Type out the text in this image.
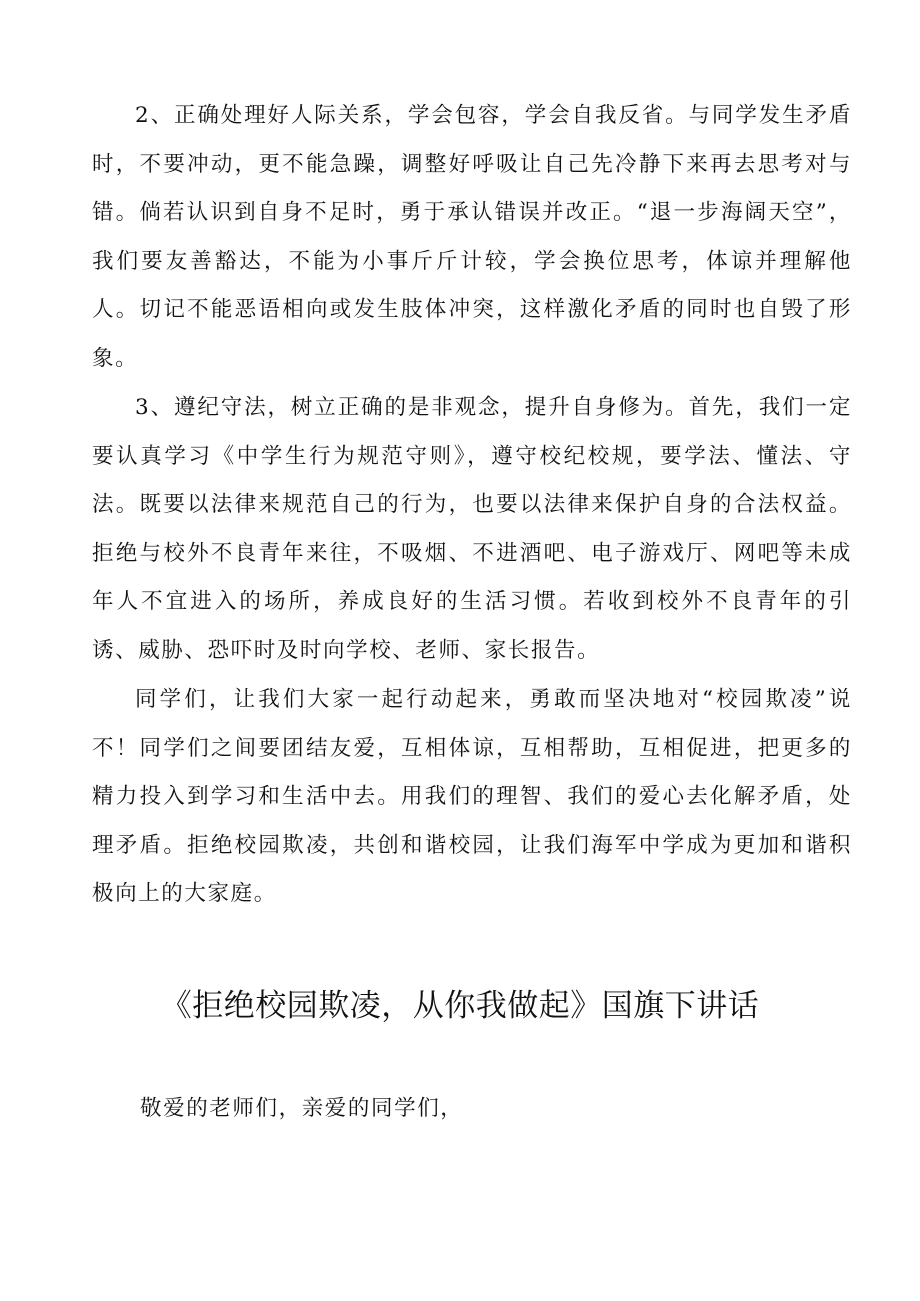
2、正确处理好人际关系，学会包容，学会自我反省。与同学发生矛盾时，不要冲动，更不能急躁，调整好呼吸让自己先冷静下来再去思考对与错。倘若认识到自身不足时，勇于承认错误并改正。“退一步海阔天空”，我们要友善豁达，不能为小事斤斤计较，学会换位思考，体谅并理解他人。切记不能恶语相向或发生肢体冲突，这样激化矛盾的同时也自毁了形象。

3、遵纪守法，树立正确的是非观念，提升自身修为。首先，我们一定要认真学习《中学生行为规范守则》，遵守校纪校规，要学法、懂法、守法。既要以法律来规范自己的行为，也要以法律来保护自身的合法权益。拒绝与校外不良青年来往，不吸烟、不进酒吧、电子游戏厅、网吧等未成年人不宜进入的场所，养成良好的生活习惯。若收到校外不良青年的引诱、威胁、恐吓时及时向学校、老师、家长报告。

同学们，让我们大家一起行动起来，勇敢而坚决地对“校园欺凌”说不！同学们之间要团结友爱，互相体谅，互相帮助，互相促进，把更多的精力投入到学习和生活中去。用我们的理智、我们的爱心去化解矛盾，处理矛盾。拒绝校园欺凌，共创和谐校园，让我们海军中学成为更加和谐积极向上的大家庭。

《拒绝校园欺凌，从你我做起》国旗下讲话

敬爱的老师们，亲爱的同学们，
